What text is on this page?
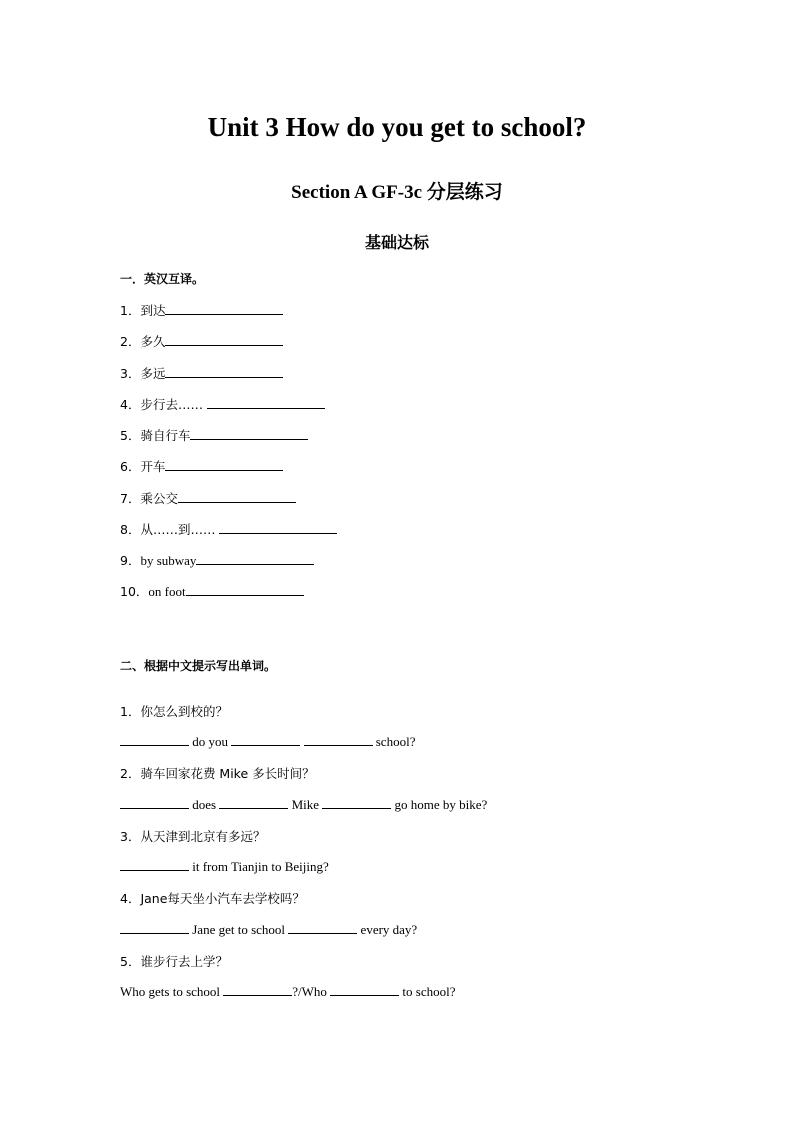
Unit 3 How do you get to school?
Section A GF-3c 分层练习
基础达标
一．英汉互译。
1．到达
2．多久
3．多远
4．步行去……
5．骑自行车
6．开车
7．乘公交
8．从……到……
9．by subway
10．on foot
二、根据中文提示写出单词。
1．你怎么到校的？
do you	school?
2．骑车回家花费 Mike 多长时间？
does	Mike	go home by bike?
3．从天津到北京有多远？
it from Tianjin to Beijing?
4．Jane每天坐小汽车去学校吗？
Jane get to school	every day?
5．谁步行去上学？
Who gets to school	?/Who	to school?
